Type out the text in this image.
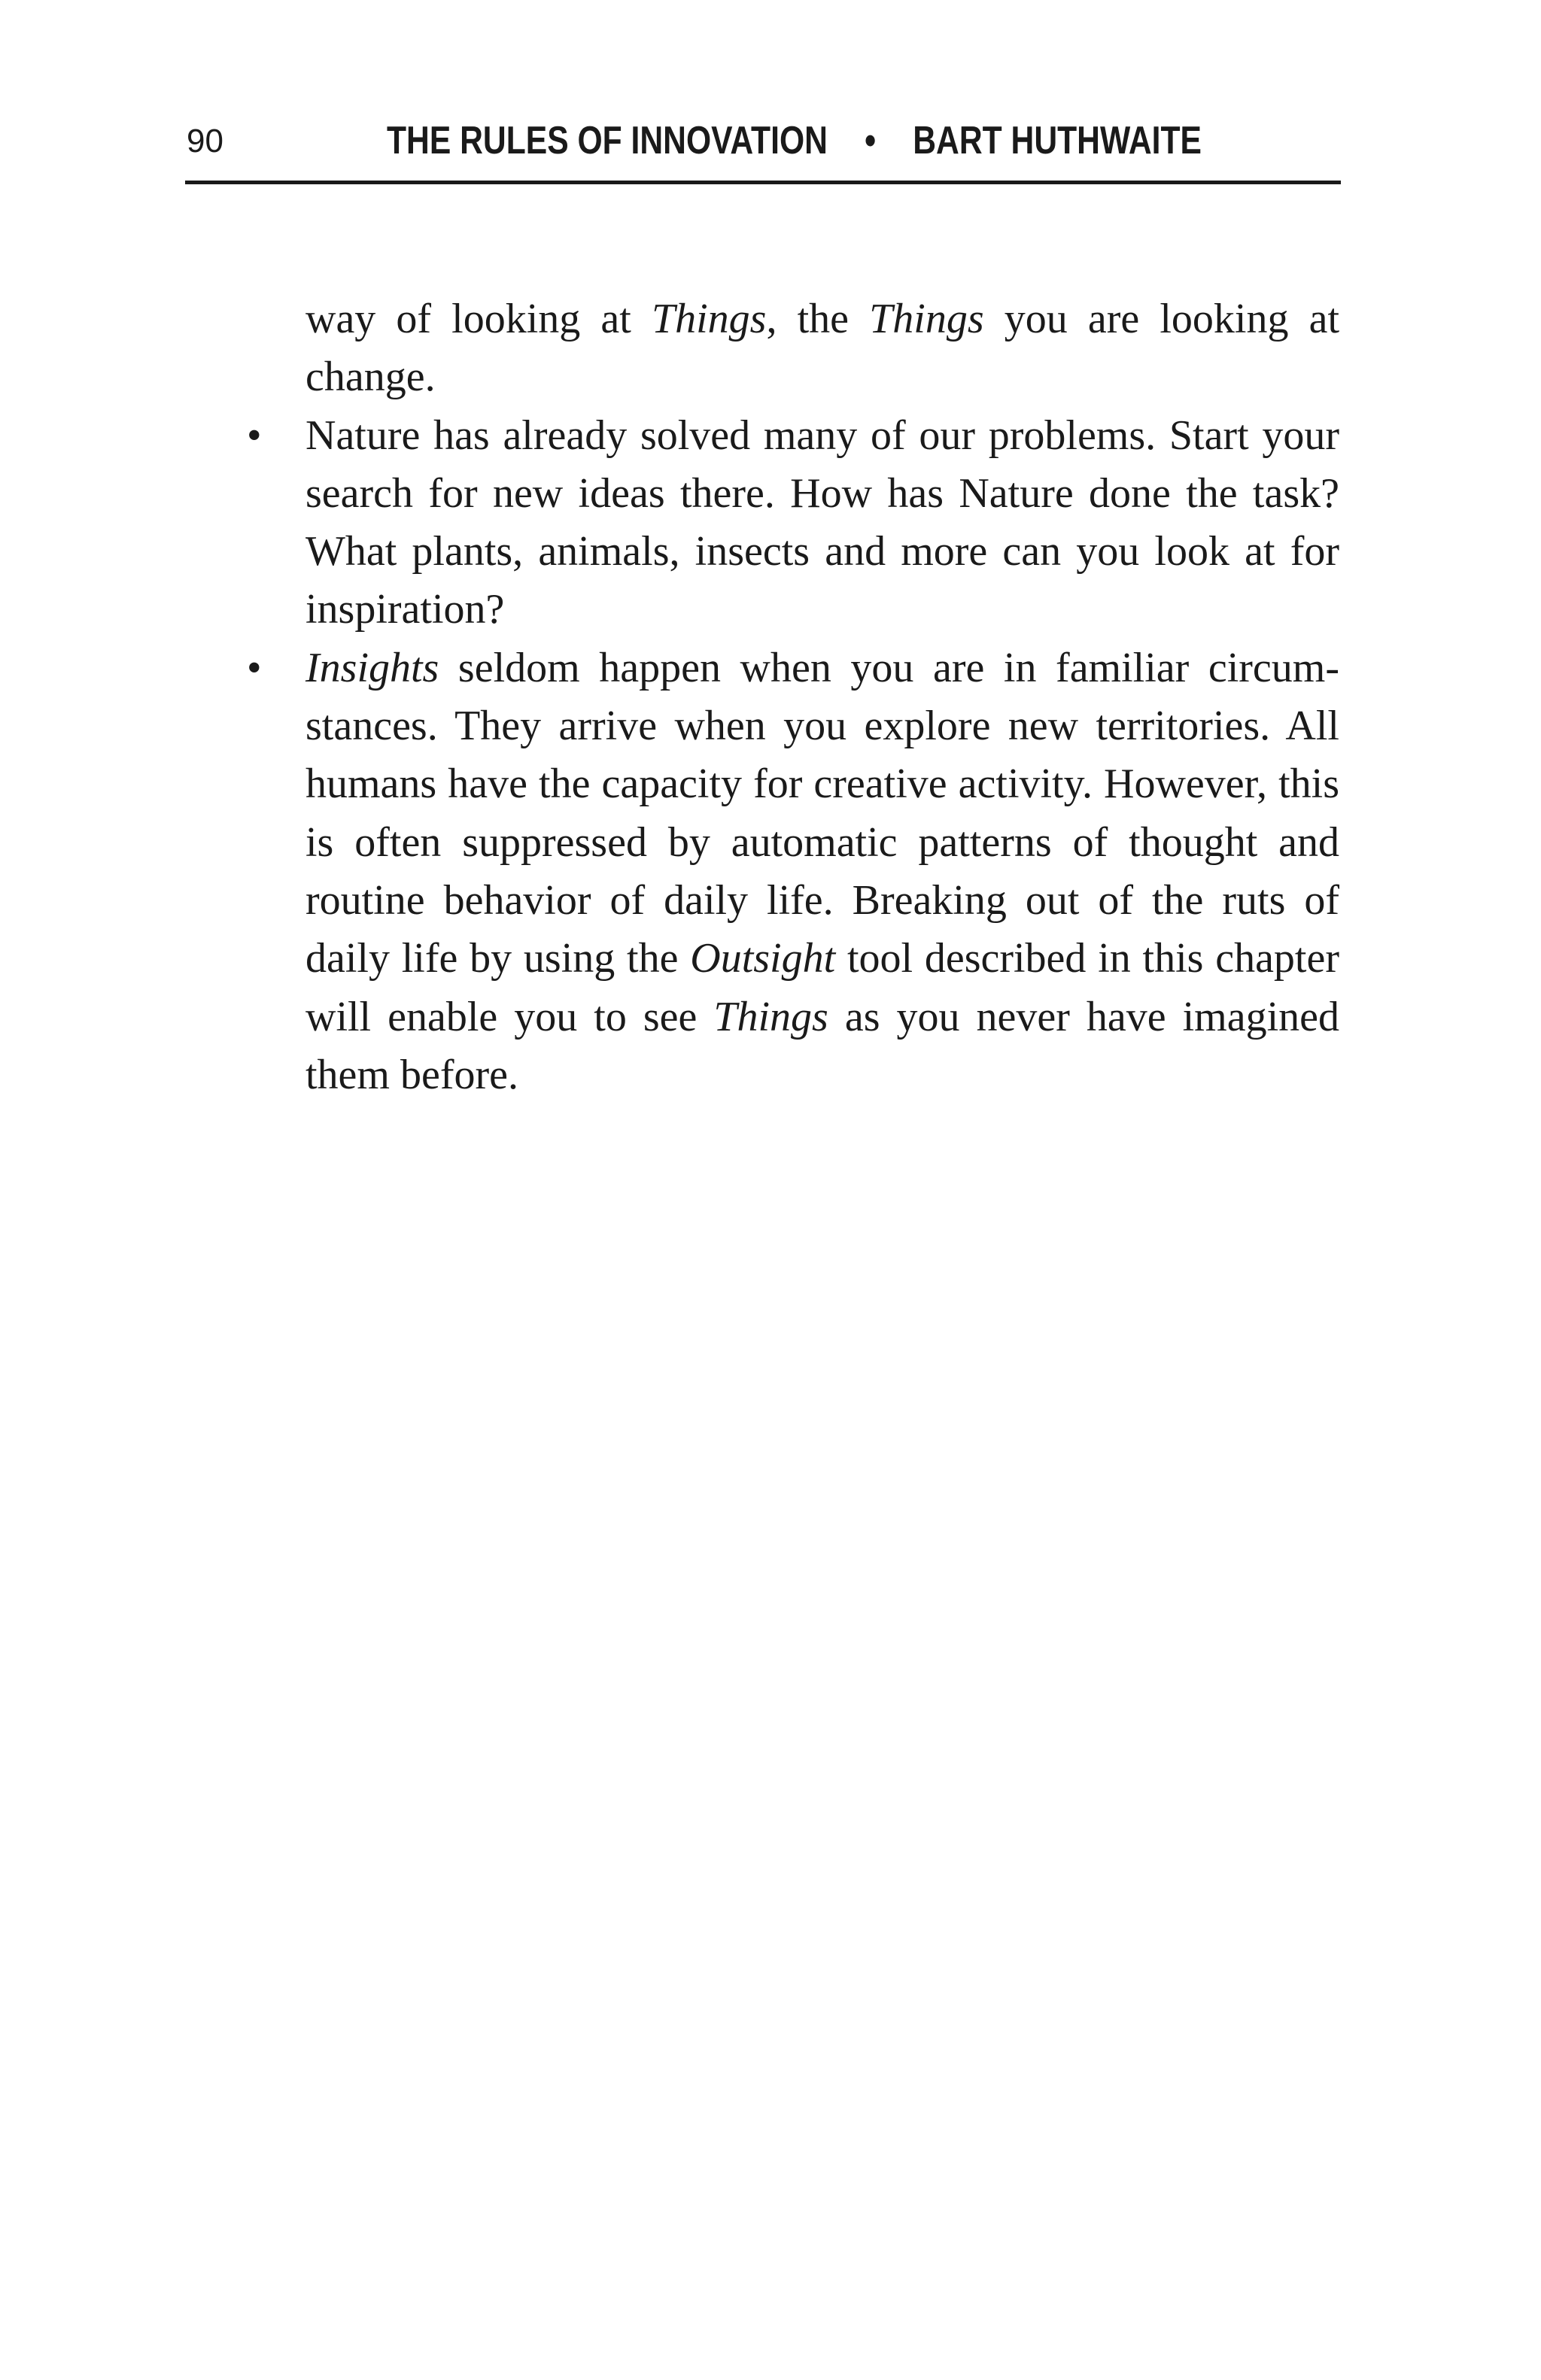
90	THE RULES OF INNOVATION • BART HUTHWAITE

way of looking at Things, the Things you are looking at change.

•	Nature has already solved many of our problems. Start your search for new ideas there. How has Nature done the task? What plants, animals, insects and more can you look at for inspiration?

•	Insights seldom happen when you are in familiar circumstances. They arrive when you explore new territories. All humans have the capacity for creative activity. However, this is often suppressed by automatic patterns of thought and routine behavior of daily life. Breaking out of the ruts of daily life by using the Outsight tool described in this chapter will enable you to see Things as you never have imagined them before.
